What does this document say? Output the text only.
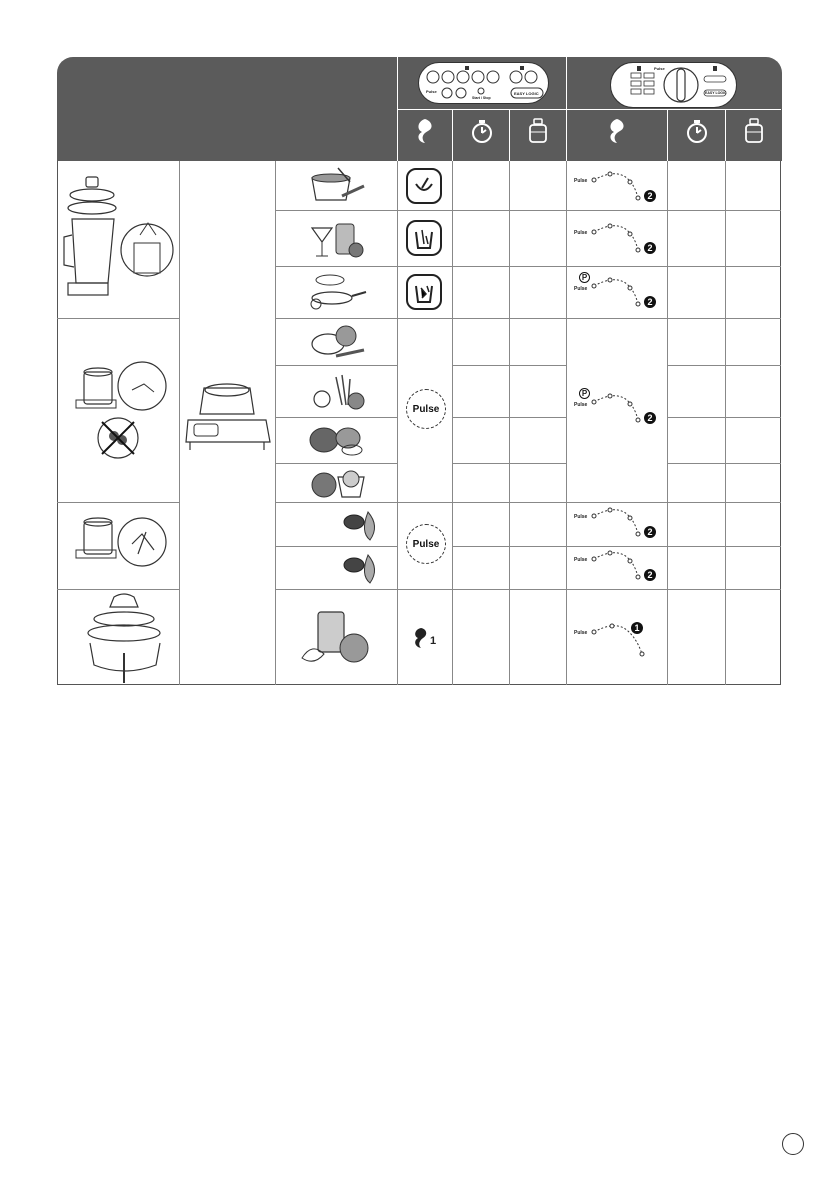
Pulse
Start / Stop
EASY LOGIC
Pulse
EASY LOGIC
Pulse
Pulse
1
Pulse
2
Pulse
2
P
Pulse
2
P
Pulse
2
Pulse
2
Pulse
2
Pulse	1
